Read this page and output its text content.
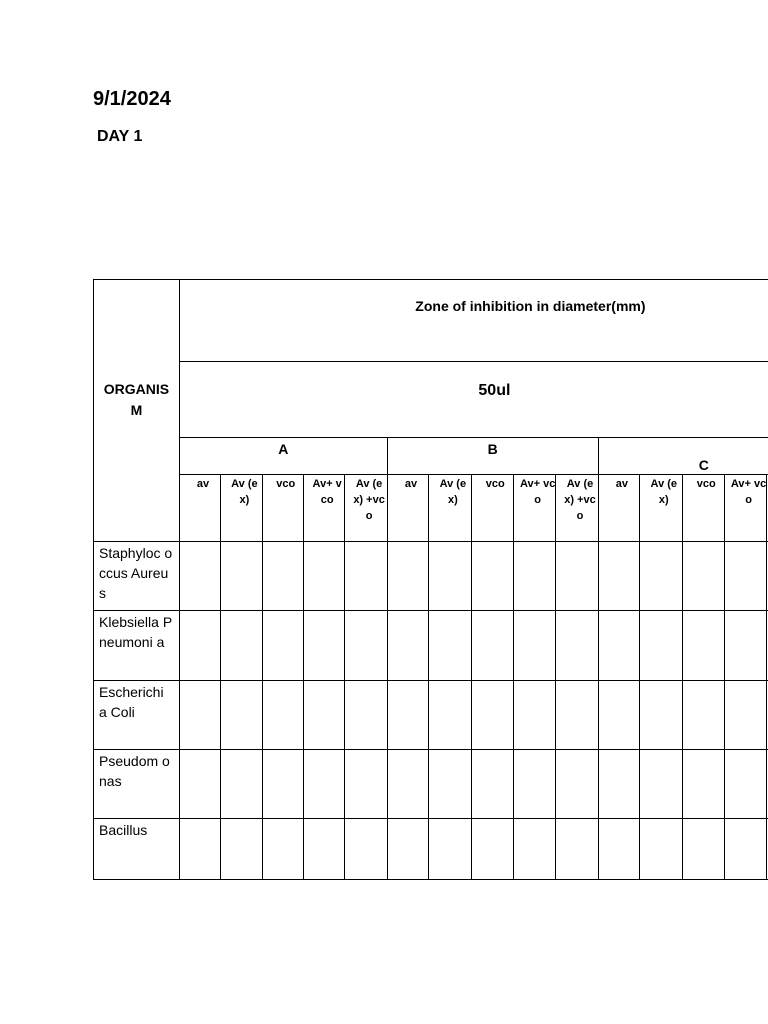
9/1/2024
DAY 1
ORGANIS M	Zone of inhibition in diameter(mm)														
	50ul														
	A					B					C				
	av	Av (ex)	vco	Av+ vco	Av (ex) +vc o	av	Av (ex)	vco	Av+ vco	Av (ex) +vco	av	Av (ex)	vco	Av+ vco	
Staphyloc occus Aureus															
Klebsiella Pneumoni a															
Escherichi a Coli															
Pseudom onas															
Bacillus															
